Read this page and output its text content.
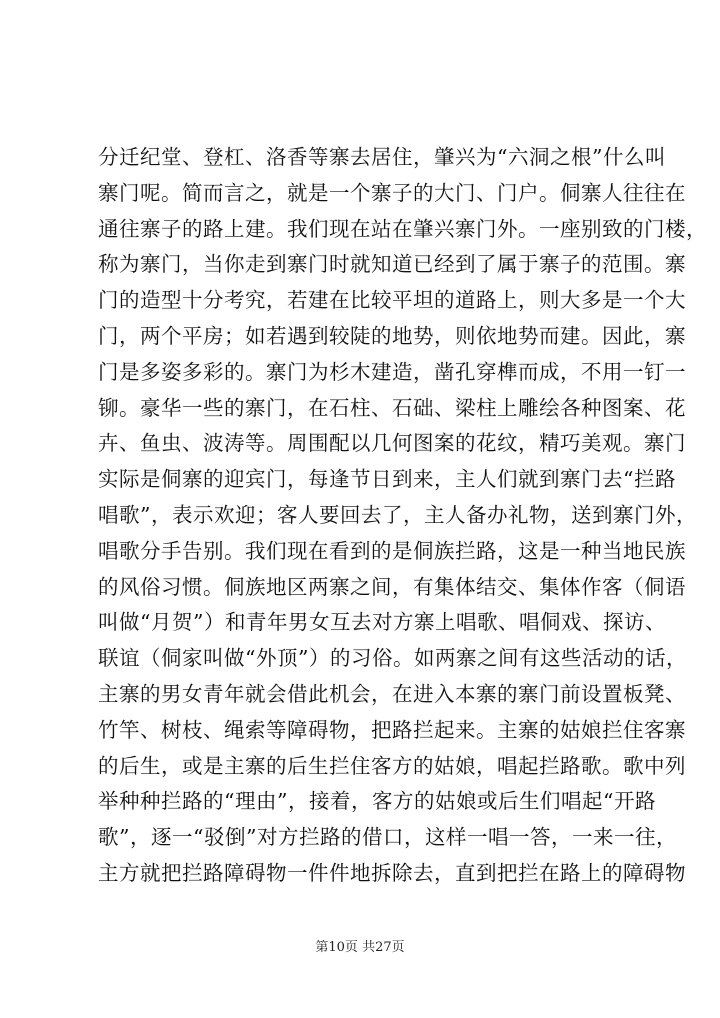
分迁纪堂、登杠、洛香等寨去居住，肇兴为“六洞之根”什么叫
寨门呢。简而言之，就是一个寨子的大门、门户。侗寨人往往在
通往寨子的路上建。我们现在站在肇兴寨门外。一座别致的门楼，
称为寨门，当你走到寨门时就知道已经到了属于寨子的范围。寨
门的造型十分考究，若建在比较平坦的道路上，则大多是一个大
门，两个平房；如若遇到较陡的地势，则依地势而建。因此，寨
门是多姿多彩的。寨门为杉木建造，凿孔穿榫而成，不用一钉一
铆。豪华一些的寨门，在石柱、石础、梁柱上雕绘各种图案、花
卉、鱼虫、波涛等。周围配以几何图案的花纹，精巧美观。寨门
实际是侗寨的迎宾门，每逢节日到来，主人们就到寨门去“拦路
唱歌”，表示欢迎；客人要回去了，主人备办礼物，送到寨门外，
唱歌分手告别。我们现在看到的是侗族拦路，这是一种当地民族
的风俗习惯。侗族地区两寨之间，有集体结交、集体作客（侗语
叫做“月贺”）和青年男女互去对方寨上唱歌、唱侗戏、探访、
联谊（侗家叫做“外顶”）的习俗。如两寨之间有这些活动的话，
主寨的男女青年就会借此机会，在进入本寨的寨门前设置板凳、
竹竿、树枝、绳索等障碍物，把路拦起来。主寨的姑娘拦住客寨
的后生，或是主寨的后生拦住客方的姑娘，唱起拦路歌。歌中列
举种种拦路的“理由”，接着，客方的姑娘或后生们唱起“开路
歌”，逐一“驳倒”对方拦路的借口，这样一唱一答，一来一往，
主方就把拦路障碍物一件件地拆除去，直到把拦在路上的障碍物
第10页 共27页
